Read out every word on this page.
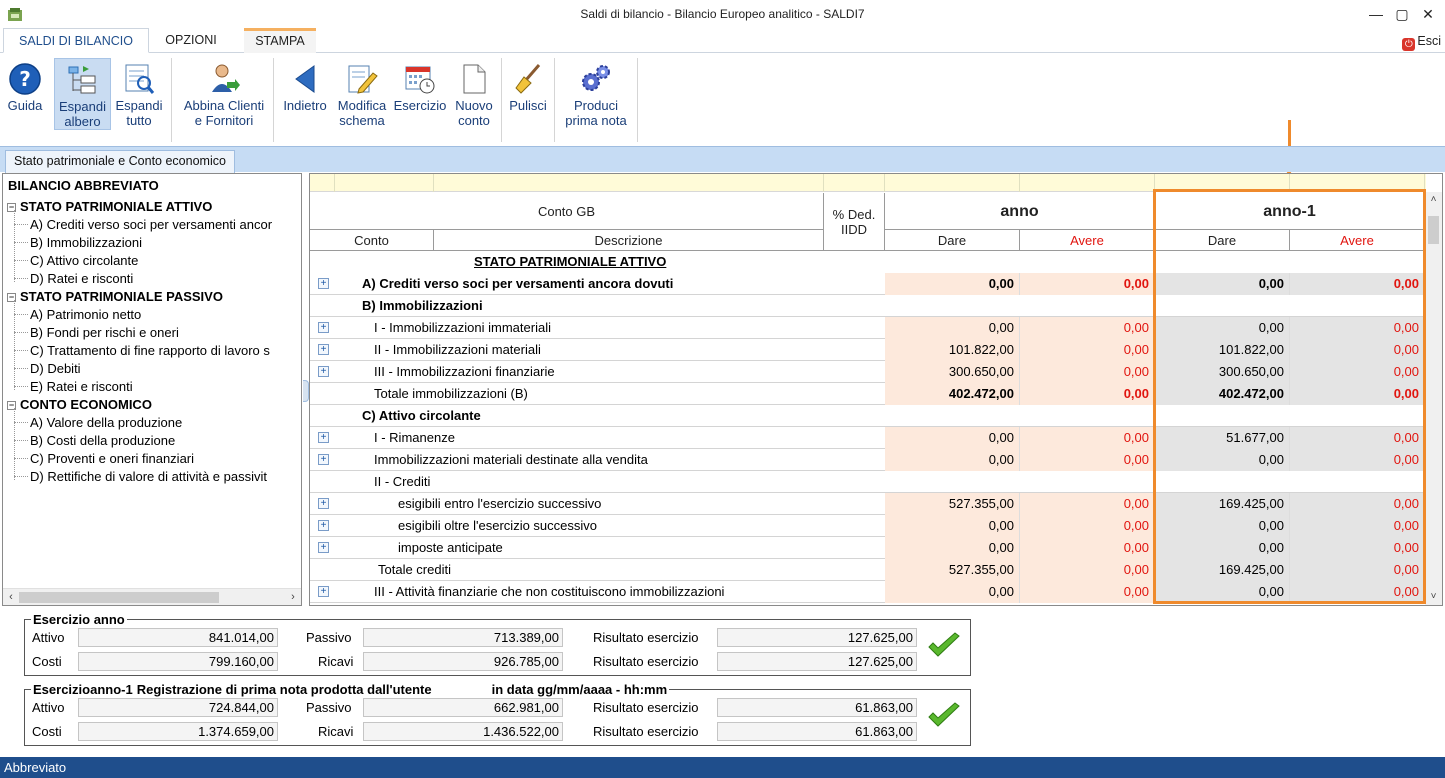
Saldi di bilancio - Bilancio Europeo analitico - SALDI7	— ▢ ✕
SALDI DI BILANCIO	OPZIONI	STAMPA	⏻ Esci
?
Guida	Espandi
albero
Espandi
tutto
Abbina Clienti
e Fornitori
Indietro Modifica
schema
Esercizio Nuovo
conto
Pulisci	Produci
prima nota
Stato patrimoniale e Conto economico
BILANCIO ABBREVIATO
− STATO PATRIMONIALE ATTIVO
A) Crediti verso soci per versamenti ancor
B) Immobilizzazioni
C) Attivo circolante
D) Ratei e risconti
− STATO PATRIMONIALE PASSIVO
A) Patrimonio netto
B) Fondi per rischi e oneri
C) Trattamento di fine rapporto di lavoro s
D) Debiti
E) Ratei e risconti
− CONTO ECONOMICO
A) Valore della produzione
B) Costi della produzione
C) Proventi e oneri finanziari
D) Rettifiche di valore di attività e passivit
‹	›
Conto GB	% Ded.
IIDD
anno	anno-1
Conto	Descrizione	Dare	Avere	Dare	Avere
STATO PATRIMONIALE ATTIVO
+	A) Crediti verso soci per versamenti ancora dovuti	0,00	0,00	0,00	0,00
B) Immobilizzazioni
+	I - Immobilizzazioni immateriali	0,00	0,00	0,00	0,00
+	II - Immobilizzazioni materiali	101.822,00	0,00	101.822,00	0,00
+	III - Immobilizzazioni finanziarie	300.650,00	0,00	300.650,00	0,00
Totale immobilizzazioni (B)	402.472,00	0,00	402.472,00	0,00
C) Attivo circolante
+	I - Rimanenze	0,00	0,00	51.677,00	0,00
+	Immobilizzazioni materiali destinate alla vendita	0,00	0,00	0,00	0,00
II - Crediti
+	esigibili entro l'esercizio successivo	527.355,00	0,00	169.425,00	0,00
+	esigibili oltre l'esercizio successivo	0,00	0,00	0,00	0,00
+	imposte anticipate	0,00	0,00	0,00	0,00
Totale crediti	527.355,00	0,00	169.425,00	0,00
+	III - Attività finanziarie che non costituiscono immobilizzazioni	0,00	0,00	0,00	0,00
˄
˅
Esercizio anno
Attivo	841.014,00	Passivo	713.389,00	Risultato esercizio	127.625,00
Costi	799.160,00	Ricavi	926.785,00	Risultato esercizio	127.625,00
Esercizioanno-1 Registrazione di prima nota prodotta dall'utente	in data gg/mm/aaaa - hh:mm
Attivo	724.844,00	Passivo	662.981,00	Risultato esercizio	61.863,00
Costi	1.374.659,00	Ricavi	1.436.522,00	Risultato esercizio	61.863,00
Abbreviato
